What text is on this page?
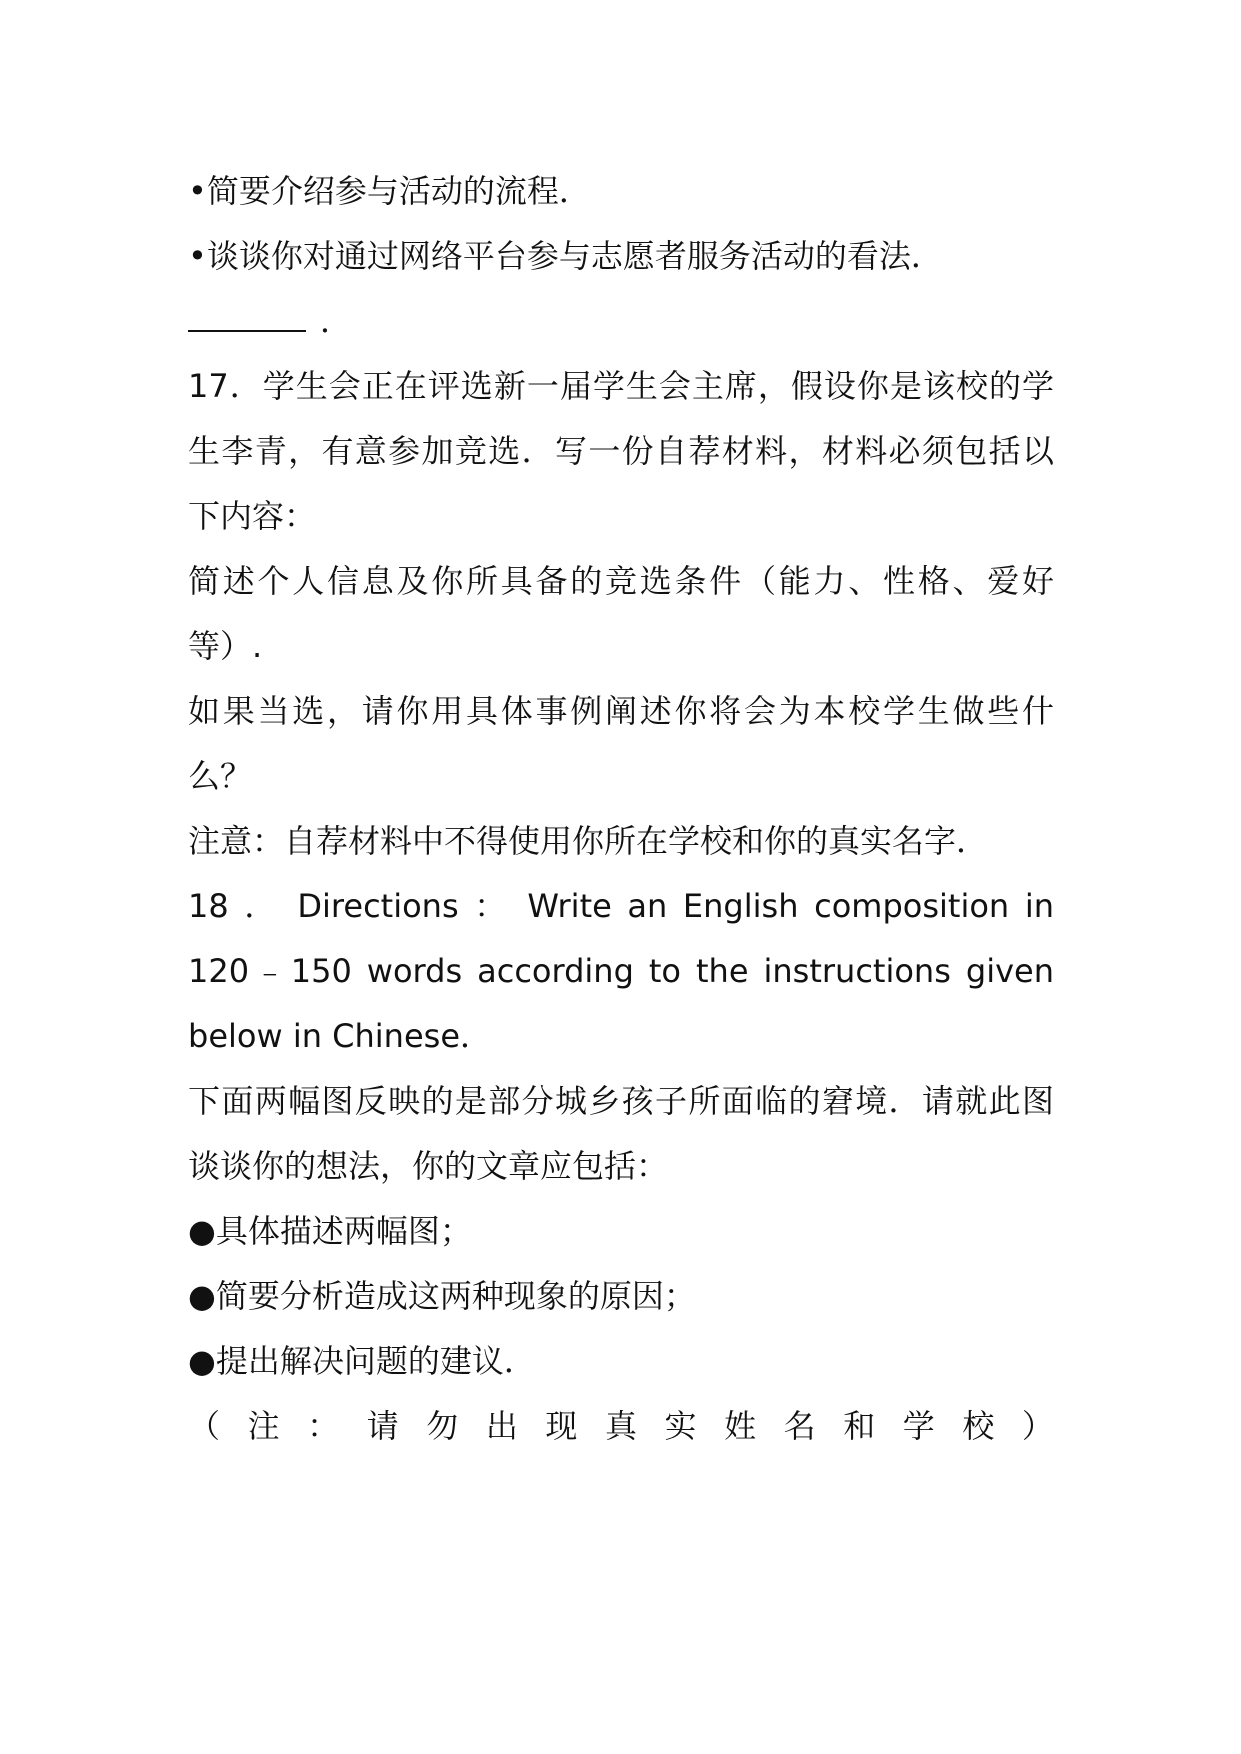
•简要介绍参与活动的流程．
•谈谈你对通过网络平台参与志愿者服务活动的看法．
．
17．学生会正在评选新一届学生会主席，假设你是该校的学
生李青，有意参加竞选．写一份自荐材料，材料必须包括以
下内容：
简述个人信息及你所具备的竞选条件（能力、性格、爱好
等）.
如果当选，请你用具体事例阐述你将会为本校学生做些什
么？
注意：自荐材料中不得使用你所在学校和你的真实名字．
18 ． Directions ： Write an English composition in
120﹣150 words according to the instructions given
below in Chinese．
下面两幅图反映的是部分城乡孩子所面临的窘境．请就此图
谈谈你的想法，你的文章应包括：
●具体描述两幅图；
●简要分析造成这两种现象的原因；
●提出解决问题的建议．
（ 注 ： 请 勿 出 现 真 实 姓 名 和 学 校 ）
